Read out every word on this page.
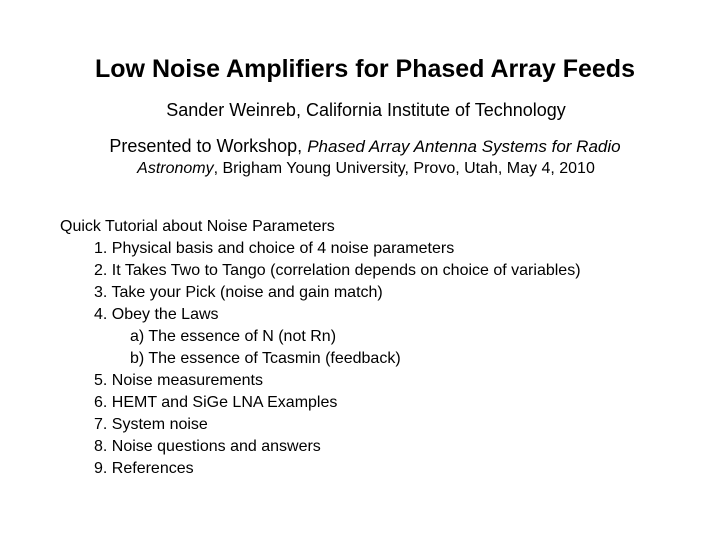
Low Noise Amplifiers for Phased Array Feeds
Sander Weinreb, California Institute of Technology
Presented to Workshop, Phased Array Antenna Systems for Radio
Astronomy, Brigham Young University, Provo, Utah, May 4, 2010
Quick Tutorial about Noise Parameters
1. Physical basis and choice of 4 noise parameters
2. It Takes Two to Tango (correlation depends on choice of variables)
3. Take your Pick (noise and gain match)
4. Obey the Laws
a) The essence of N (not Rn)
b) The essence of Tcasmin (feedback)
5. Noise measurements
6. HEMT and SiGe LNA Examples
7. System noise
8. Noise questions and answers
9. References
